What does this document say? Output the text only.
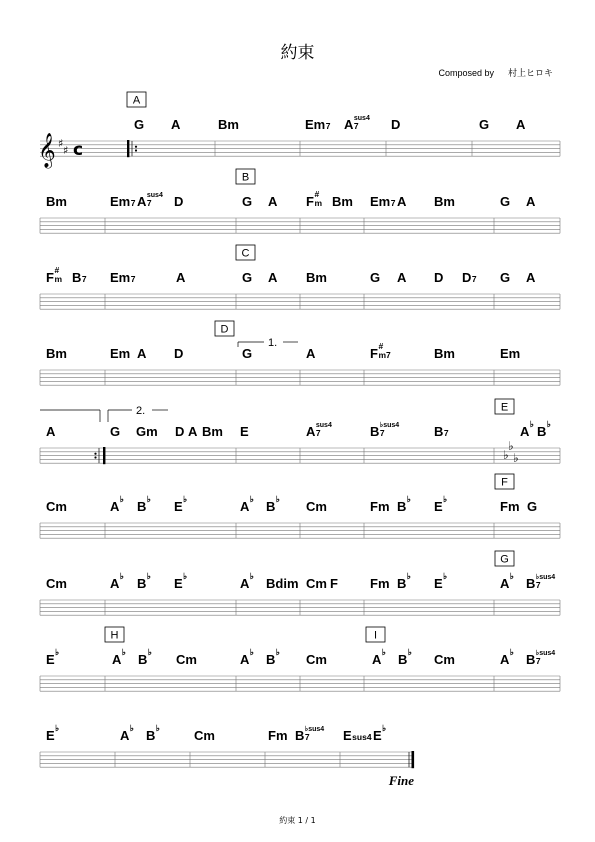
約束
Composed by 村上ヒロキ
𝄞 ♯
♯ c
A
G A	Bm	Em 7 A 7
sus4 D	G A
B
Bm	Em 7 A 7
sus4 D	G A F #
m Bm Em 7 A Bm	G A
C
F #
m B 7 Em 7	A	G A Bm	G A D D 7 G A
1.
D
Bm	Em A D	G	A	F #
m7	Bm	Em
♭
♭
♭
2.	E
A	G Gm D A Bm E	A 7
sus4	B 7
♭sus4	B 7	A ♭ B ♭
F
Cm	A ♭ B ♭ E ♭	A ♭ B ♭ Cm	Fm B ♭ E ♭	Fm G
G
Cm	A ♭ B ♭ E ♭	A ♭ Bdim Cm F Fm B ♭ E ♭	A ♭ B 7
♭sus4
H	I
E ♭	A ♭ B ♭ Cm	A ♭ B ♭ Cm	A ♭ B ♭ Cm	A ♭ B 7
♭sus4
Fine
E ♭	A ♭ B ♭	Cm	Fm B 7
♭sus4 E sus4 E ♭
約束 1 / 1
